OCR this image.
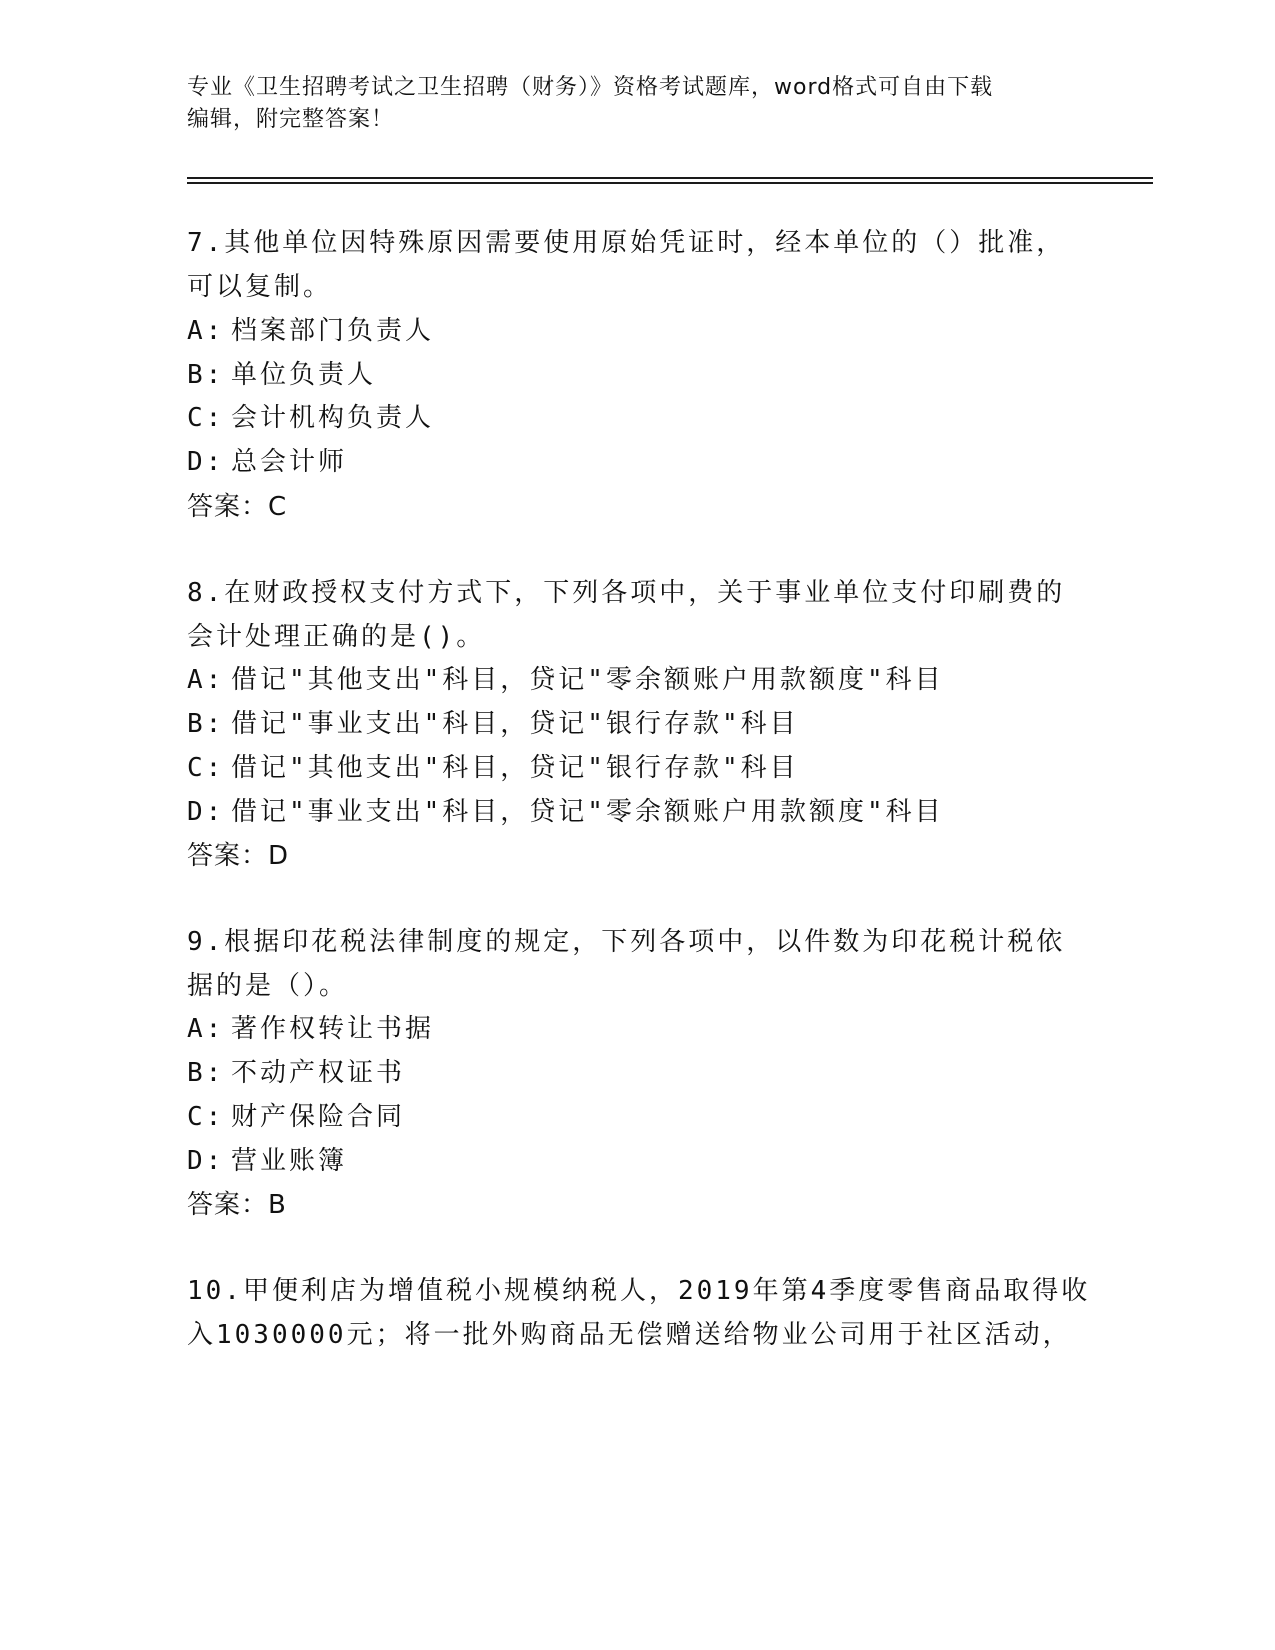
专业《卫生招聘考试之卫生招聘（财务）》资格考试题库，word格式可自由下载
编辑，附完整答案！
7.其他单位因特殊原因需要使用原始凭证时，经本单位的（）批准，
可以复制。
A: 档案部门负责人
B: 单位负责人
C: 会计机构负责人
D: 总会计师
答案：C
8.在财政授权支付方式下，下列各项中，关于事业单位支付印刷费的
会计处理正确的是()。
A: 借记"其他支出"科目，贷记"零余额账户用款额度"科目
B: 借记"事业支出"科目，贷记"银行存款"科目
C: 借记"其他支出"科目，贷记"银行存款"科目
D: 借记"事业支出"科目，贷记"零余额账户用款额度"科目
答案：D
9.根据印花税法律制度的规定，下列各项中，以件数为印花税计税依
据的是（）。
A: 著作权转让书据
B: 不动产权证书
C: 财产保险合同
D: 营业账簿
答案：B
10.甲便利店为增值税小规模纳税人，2019年第4季度零售商品取得收
入1030000元；将一批外购商品无偿赠送给物业公司用于社区活动，
